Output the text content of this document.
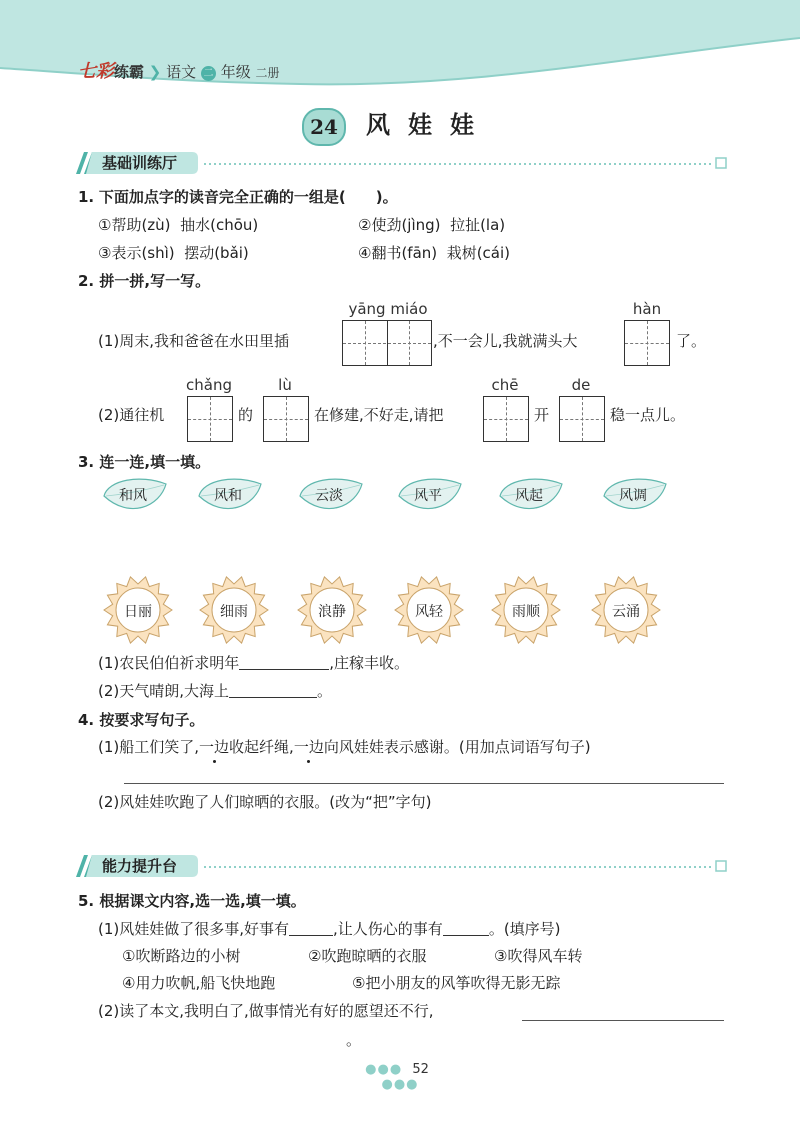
七彩练霸 ❯ 语文 二 年级 二册
24	风娃娃
基础训练厅
1. 下面加点字的读音完全正确的一组是( )。
①帮助(zù) 抽水(chōu)	②使劲(jìng) 拉扯(la)
③表示(shì) 摆动(bǎi)	④翻书(fān) 栽树(cái)
2. 拼一拼,写一写。
yāng miáo	hàn
(1)周末,我和爸爸在水田里插	,不一会儿,我就满头大	了。
chǎng	lù	chē	de
(2)通往机	的	在修建,不好走,请把	开	稳一点儿。
3. 连一连,填一填。
和风	风和	云淡	风平	风起	风调
日丽	细雨	浪静	风轻	雨顺	云涌
(1)农民伯伯祈求明年	,庄稼丰收。
(2)天气晴朗,大海上	。
4. 按要求写句子。
(1)船工们笑了,一边收起纤绳,一边向风娃娃表示感谢。(用加点词语写句子)
(2)风娃娃吹跑了人们晾晒的衣服。(改为“把”字句)
能力提升台
5. 根据课文内容,选一选,填一填。
(1)风娃娃做了很多事,好事有	,让人伤心的事有	。(填序号)
①吹断路边的小树	②吹跑晾晒的衣服	③吹得风车转
④用力吹帆,船飞快地跑	⑤把小朋友的风筝吹得无影无踪
(2)读了本文,我明白了,做事情光有好的愿望还不行,
。
●●● 52 ●●●
